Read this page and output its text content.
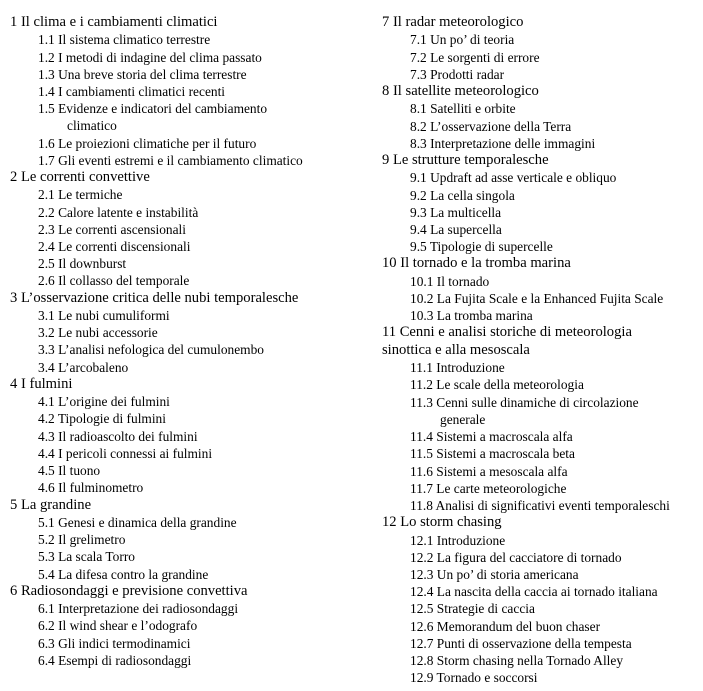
1 Il clima e i cambiamenti climatici
1.1 Il sistema climatico terrestre
1.2 I metodi di indagine del clima passato
1.3 Una breve storia del clima terrestre
1.4 I cambiamenti climatici recenti
1.5 Evidenze e indicatori del cambiamento
climatico
1.6 Le proiezioni climatiche per il futuro
1.7 Gli eventi estremi e il cambiamento climatico
2 Le correnti convettive
2.1 Le termiche
2.2 Calore latente e instabilità
2.3 Le correnti ascensionali
2.4 Le correnti discensionali
2.5 Il downburst
2.6 Il collasso del temporale
3 L’osservazione critica delle nubi temporalesche
3.1 Le nubi cumuliformi
3.2 Le nubi accessorie
3.3 L’analisi nefologica del cumulonembo
3.4 L’arcobaleno
4 I fulmini
4.1 L’origine dei fulmini
4.2 Tipologie di fulmini
4.3 Il radioascolto dei fulmini
4.4 I pericoli connessi ai fulmini
4.5 Il tuono
4.6 Il fulminometro
5 La grandine
5.1 Genesi e dinamica della grandine
5.2 Il grelimetro
5.3 La scala Torro
5.4 La difesa contro la grandine
6 Radiosondaggi e previsione convettiva
6.1 Interpretazione dei radiosondaggi
6.2 Il wind shear e l’odografo
6.3 Gli indici termodinamici
6.4 Esempi di radiosondaggi
7 Il radar meteorologico
7.1 Un po’ di teoria
7.2 Le sorgenti di errore
7.3 Prodotti radar
8 Il satellite meteorologico
8.1 Satelliti e orbite
8.2 L’osservazione della Terra
8.3 Interpretazione delle immagini
9 Le strutture temporalesche
9.1 Updraft ad asse verticale e obliquo
9.2 La cella singola
9.3 La multicella
9.4 La supercella
9.5 Tipologie di supercelle
10 Il tornado e la tromba marina
10.1 Il tornado
10.2 La Fujita Scale e la Enhanced Fujita Scale
10.3 La tromba marina
11 Cenni e analisi storiche di meteorologia
sinottica e alla mesoscala
11.1 Introduzione
11.2 Le scale della meteorologia
11.3 Cenni sulle dinamiche di circolazione
generale
11.4 Sistemi a macroscala alfa
11.5 Sistemi a macroscala beta
11.6 Sistemi a mesoscala alfa
11.7 Le carte meteorologiche
11.8 Analisi di significativi eventi temporaleschi
12 Lo storm chasing
12.1 Introduzione
12.2 La figura del cacciatore di tornado
12.3 Un po’ di storia americana
12.4 La nascita della caccia ai tornado italiana
12.5 Strategie di caccia
12.6 Memorandum del buon chaser
12.7 Punti di osservazione della tempesta
12.8 Storm chasing nella Tornado Alley
12.9 Tornado e soccorsi
